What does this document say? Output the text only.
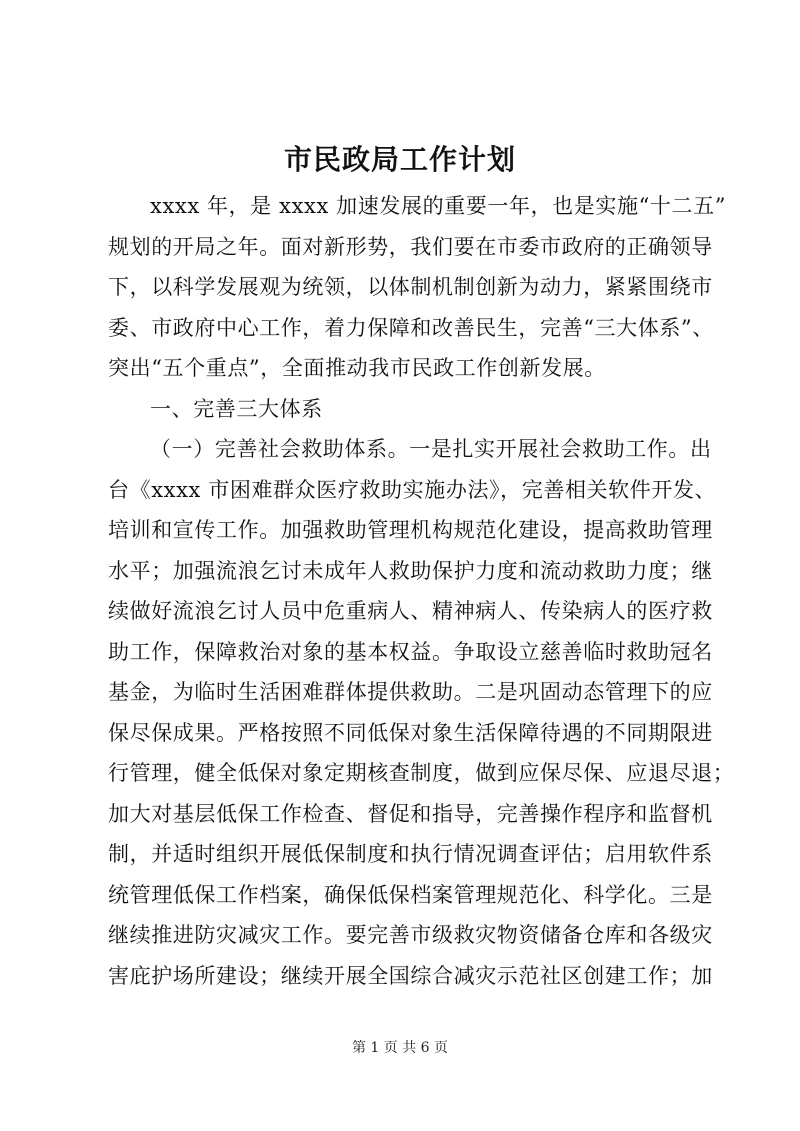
市民政局工作计划
xxxx 年，是 xxxx 加速发展的重要一年，也是实施“十二五”
规划的开局之年。面对新形势，我们要在市委市政府的正确领导
下，以科学发展观为统领，以体制机制创新为动力，紧紧围绕市
委、市政府中心工作，着力保障和改善民生，完善“三大体系”、
突出“五个重点”，全面推动我市民政工作创新发展。
一、完善三大体系
（一）完善社会救助体系。一是扎实开展社会救助工作。出
台《xxxx 市困难群众医疗救助实施办法》，完善相关软件开发、
培训和宣传工作。加强救助管理机构规范化建设，提高救助管理
水平；加强流浪乞讨未成年人救助保护力度和流动救助力度；继
续做好流浪乞讨人员中危重病人、精神病人、传染病人的医疗救
助工作，保障救治对象的基本权益。争取设立慈善临时救助冠名
基金，为临时生活困难群体提供救助。二是巩固动态管理下的应
保尽保成果。严格按照不同低保对象生活保障待遇的不同期限进
行管理，健全低保对象定期核查制度，做到应保尽保、应退尽退；
加大对基层低保工作检查、督促和指导，完善操作程序和监督机
制，并适时组织开展低保制度和执行情况调查评估；启用软件系
统管理低保工作档案，确保低保档案管理规范化、科学化。三是
继续推进防灾减灾工作。要完善市级救灾物资储备仓库和各级灾
害庇护场所建设；继续开展全国综合减灾示范社区创建工作；加
第 1 页 共 6 页
